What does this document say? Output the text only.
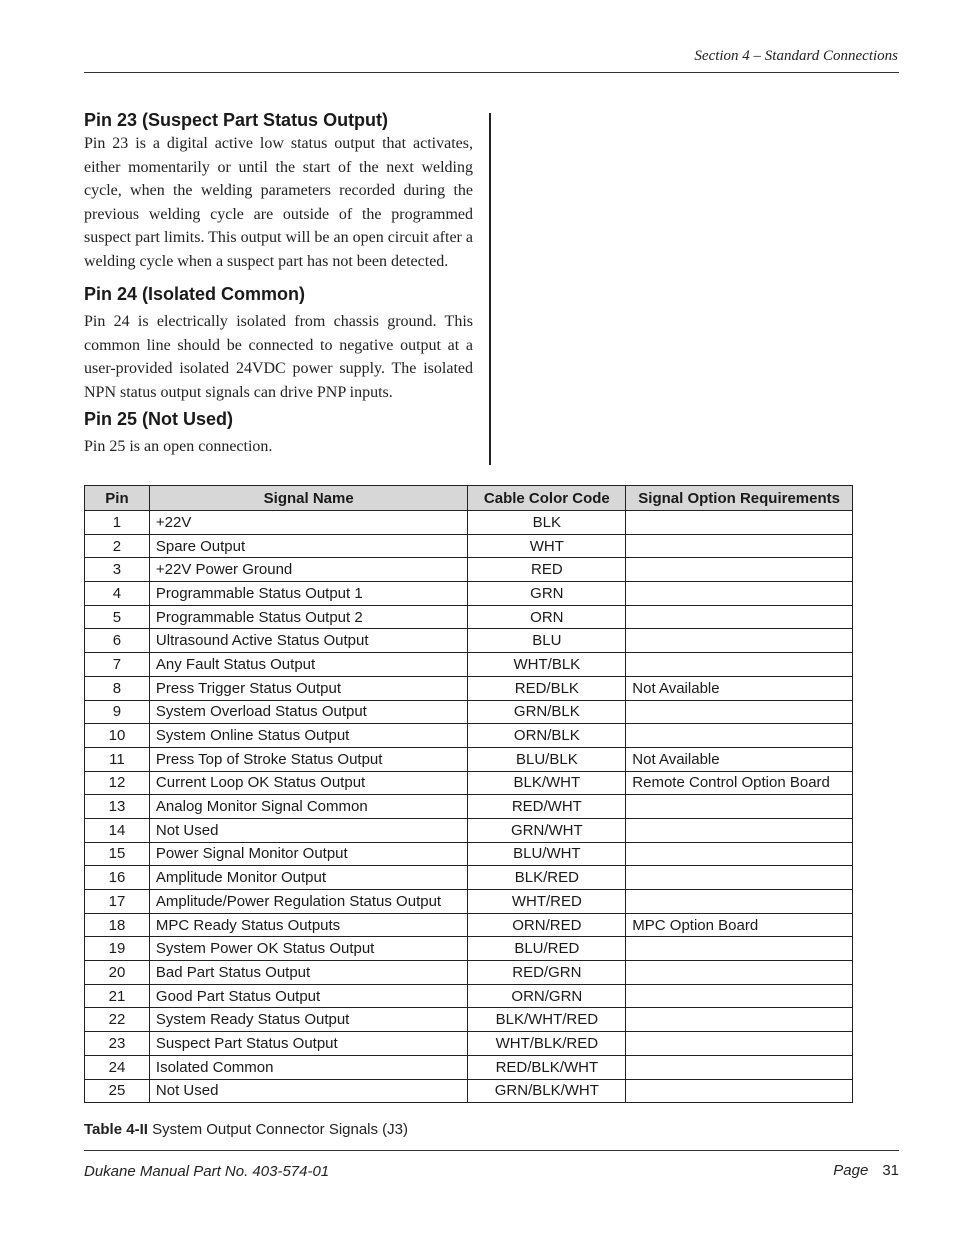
Section 4 – Standard Connections
Pin 23 (Suspect Part Status Output)

Pin 23 is a digital active low status output that activates, either momentarily or until the start of the next welding cycle, when the welding parameters recorded during the previous welding cycle are outside of the programmed suspect part limits. This output will be an open circuit after a welding cycle when a suspect part has not been detected.

Pin 24 (Isolated Common)

Pin 24 is electrically isolated from chassis ground. This common line should be connected to negative output at a user-provided isolated 24VDC power supply. The isolated NPN status output signals can drive PNP inputs.

Pin 25 (Not Used)

Pin 25 is an open connection.

Pin	Signal Name	Cable Color Code	Signal Option Requirements
1	+22V	BLK	
2	Spare Output	WHT	
3	+22V Power Ground	RED	
4	Programmable Status Output 1	GRN	
5	Programmable Status Output 2	ORN	
6	Ultrasound Active Status Output	BLU	
7	Any Fault Status Output	WHT/BLK	
8	Press Trigger Status Output	RED/BLK	Not Available
9	System Overload Status Output	GRN/BLK	
10	System Online Status Output	ORN/BLK	
11	Press Top of Stroke Status Output	BLU/BLK	Not Available
12	Current Loop OK Status Output	BLK/WHT	Remote Control Option Board
13	Analog Monitor Signal Common	RED/WHT	
14	Not Used	GRN/WHT	
15	Power Signal Monitor Output	BLU/WHT	
16	Amplitude Monitor Output	BLK/RED	
17	Amplitude/Power Regulation Status Output	WHT/RED	
18	MPC Ready Status Outputs	ORN/RED	MPC Option Board
19	System Power OK Status Output	BLU/RED	
20	Bad Part Status Output	RED/GRN	
21	Good Part Status Output	ORN/GRN	
22	System Ready Status Output	BLK/WHT/RED	
23	Suspect Part Status Output	WHT/BLK/RED	
24	Isolated Common	RED/BLK/WHT	
25	Not Used	GRN/BLK/WHT	
Table 4-II System Output Connector Signals (J3)
Dukane Manual Part No. 403-574-01	Page 31
